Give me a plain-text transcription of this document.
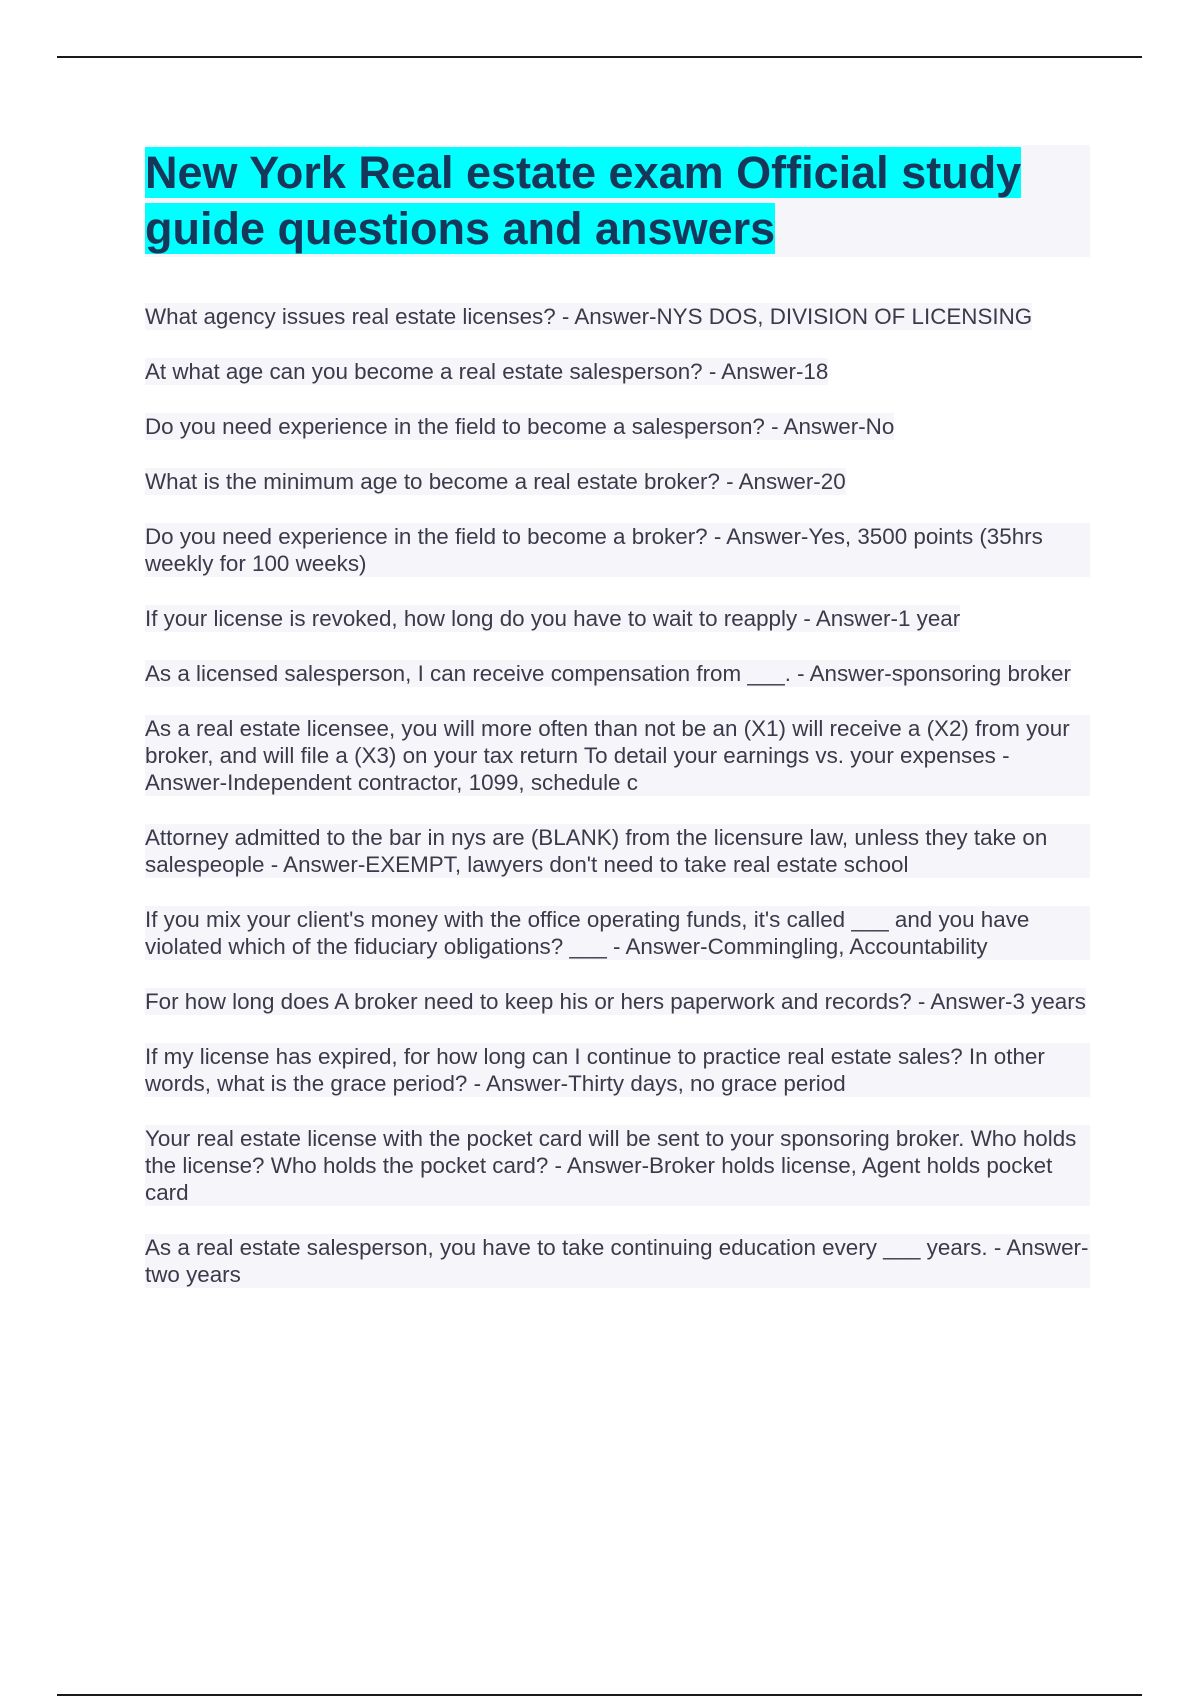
New York Real estate exam Official study guide questions and answers
What agency issues real estate licenses? - Answer-NYS DOS, DIVISION OF LICENSING
At what age can you become a real estate salesperson? - Answer-18
Do you need experience in the field to become a salesperson? - Answer-No
What is the minimum age to become a real estate broker? - Answer-20
Do you need experience in the field to become a broker? - Answer-Yes, 3500 points (35hrs weekly for 100 weeks)
If your license is revoked, how long do you have to wait to reapply - Answer-1 year
As a licensed salesperson, I can receive compensation from ___. - Answer-sponsoring broker
As a real estate licensee, you will more often than not be an (X1) will receive a (X2) from your broker, and will file a (X3) on your tax return To detail your earnings vs. your expenses - Answer-Independent contractor, 1099, schedule c
Attorney admitted to the bar in nys are (BLANK) from the licensure law, unless they take on salespeople - Answer-EXEMPT, lawyers don't need to take real estate school
If you mix your client's money with the office operating funds, it's called ___ and you have violated which of the fiduciary obligations? ___ - Answer-Commingling, Accountability
For how long does A broker need to keep his or hers paperwork and records? - Answer-3 years
If my license has expired, for how long can I continue to practice real estate sales? In other words, what is the grace period? - Answer-Thirty days, no grace period
Your real estate license with the pocket card will be sent to your sponsoring broker. Who holds the license? Who holds the pocket card? - Answer-Broker holds license, Agent holds pocket card
As a real estate salesperson, you have to take continuing education every ___ years. - Answer-two years
